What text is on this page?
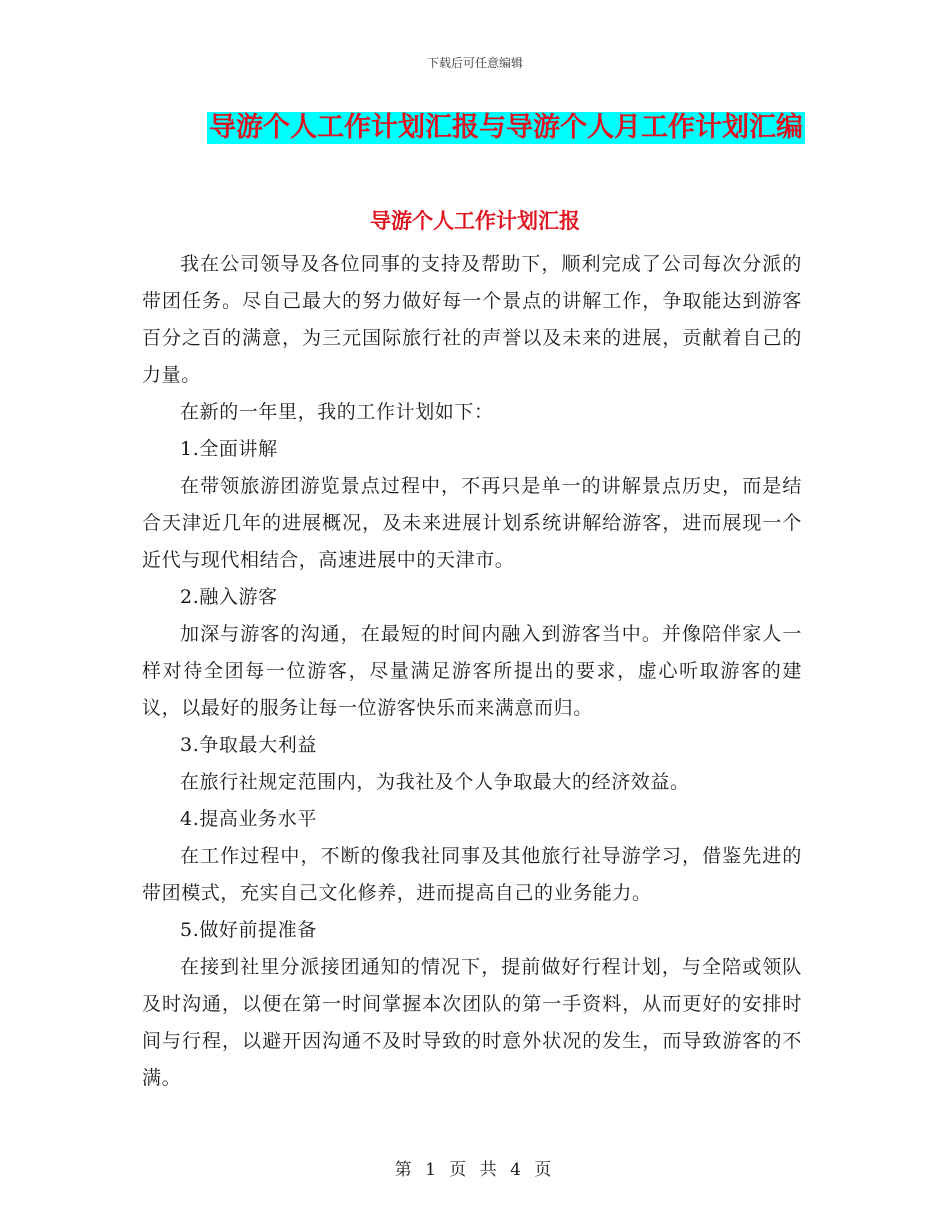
下载后可任意编辑
导游个人工作计划汇报与导游个人月工作计划汇编
导游个人工作计划汇报

我在公司领导及各位同事的支持及帮助下，顺利完成了公司每次分派的带团任务。尽自己最大的努力做好每一个景点的讲解工作，争取能达到游客百分之百的满意，为三元国际旅行社的声誉以及未来的进展，贡献着自己的力量。

在新的一年里，我的工作计划如下：

1.全面讲解

在带领旅游团游览景点过程中，不再只是单一的讲解景点历史，而是结合天津近几年的进展概况，及未来进展计划系统讲解给游客，进而展现一个近代与现代相结合，高速进展中的天津市。

2.融入游客

加深与游客的沟通，在最短的时间内融入到游客当中。并像陪伴家人一样对待全团每一位游客，尽量满足游客所提出的要求，虚心听取游客的建议，以最好的服务让每一位游客快乐而来满意而归。

3.争取最大利益

在旅行社规定范围内，为我社及个人争取最大的经济效益。

4.提高业务水平

在工作过程中，不断的像我社同事及其他旅行社导游学习，借鉴先进的带团模式，充实自己文化修养，进而提高自己的业务能力。

5.做好前提准备

在接到社里分派接团通知的情况下，提前做好行程计划，与全陪或领队及时沟通，以便在第一时间掌握本次团队的第一手资料，从而更好的安排时间与行程，以避开因沟通不及时导致的时意外状况的发生，而导致游客的不满。

第 1 页 共 4 页
